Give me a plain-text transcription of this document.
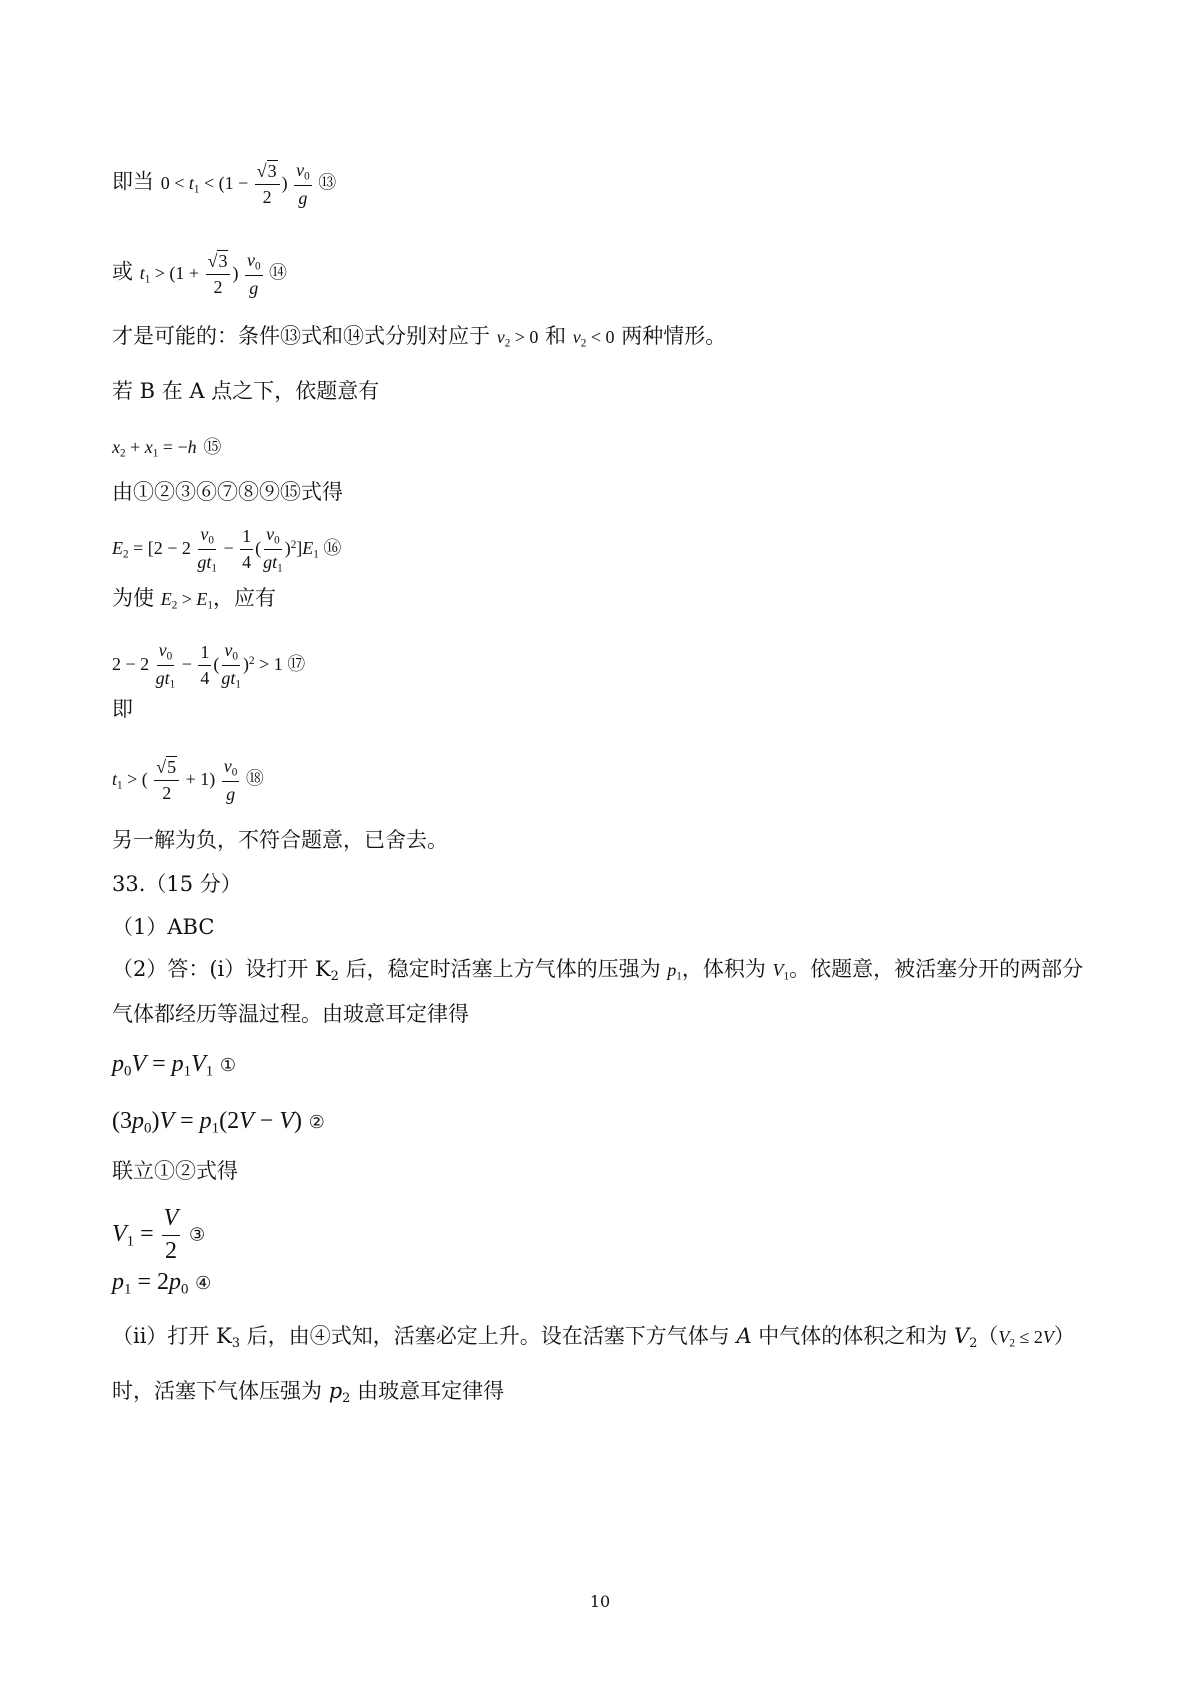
即当 $0 < t_1 < (1 - \frac{√3}{2}$ ) $\frac{v_0}{g}$ ⑬
或 $t_1 > (1 + \frac{√3}{2}$ ) $\frac{v_0}{g}$ ⑭
才是可能的：条件⑬式和⑭式分别对应于 $v_2 > 0$ 和 $v_2 < 0$ 两种情形。
若 B 在 A 点之下，依题意有
$x_2 + x_1 = -h$ ⑮
由①②③⑥⑦⑧⑨⑮式得
$E_2 = [2 - 2 \frac{v_0}{gt_1} - \frac{1}{4}$ ( $\frac{v_0}{gt_1} )^2]E_1$ ⑯
为使 $E_2 > E_1$，应有
$2 - 2 \frac{v_0}{gt_1} - \frac{1}{4}$ ( $\frac{v_0}{gt_1} )^2 > 1$ ⑰
即
$t_1$ > ( $\frac{√5}{2} + 1) \frac{v_0}{g}$ ⑱
另一解为负，不符合题意，已舍去。
33.（15 分）
（1）ABC
（2）答：(i）设打开 $K_2$ 后，稳定时活塞上方气体的压强为 $p_1$，体积为 $V_1$。依题意，被活塞分开的两部分
气体都经历等温过程。由玻意耳定律得
$p_0V = p_1V_1$ ①
$(3p_0)V = p_1(2V - V)$ ②
联立①②式得
$V_1 = \frac{V}{2}$ ③
$p_1 = 2p_0$ ④
（ii）打开 $K_3$ 后，由④式知，活塞必定上升。设在活塞下方气体与 A 中气体的体积之和为 $V_2(V_2 \le 2V)$
时，活塞下气体压强为 $p_2$ 由玻意耳定律得
10
